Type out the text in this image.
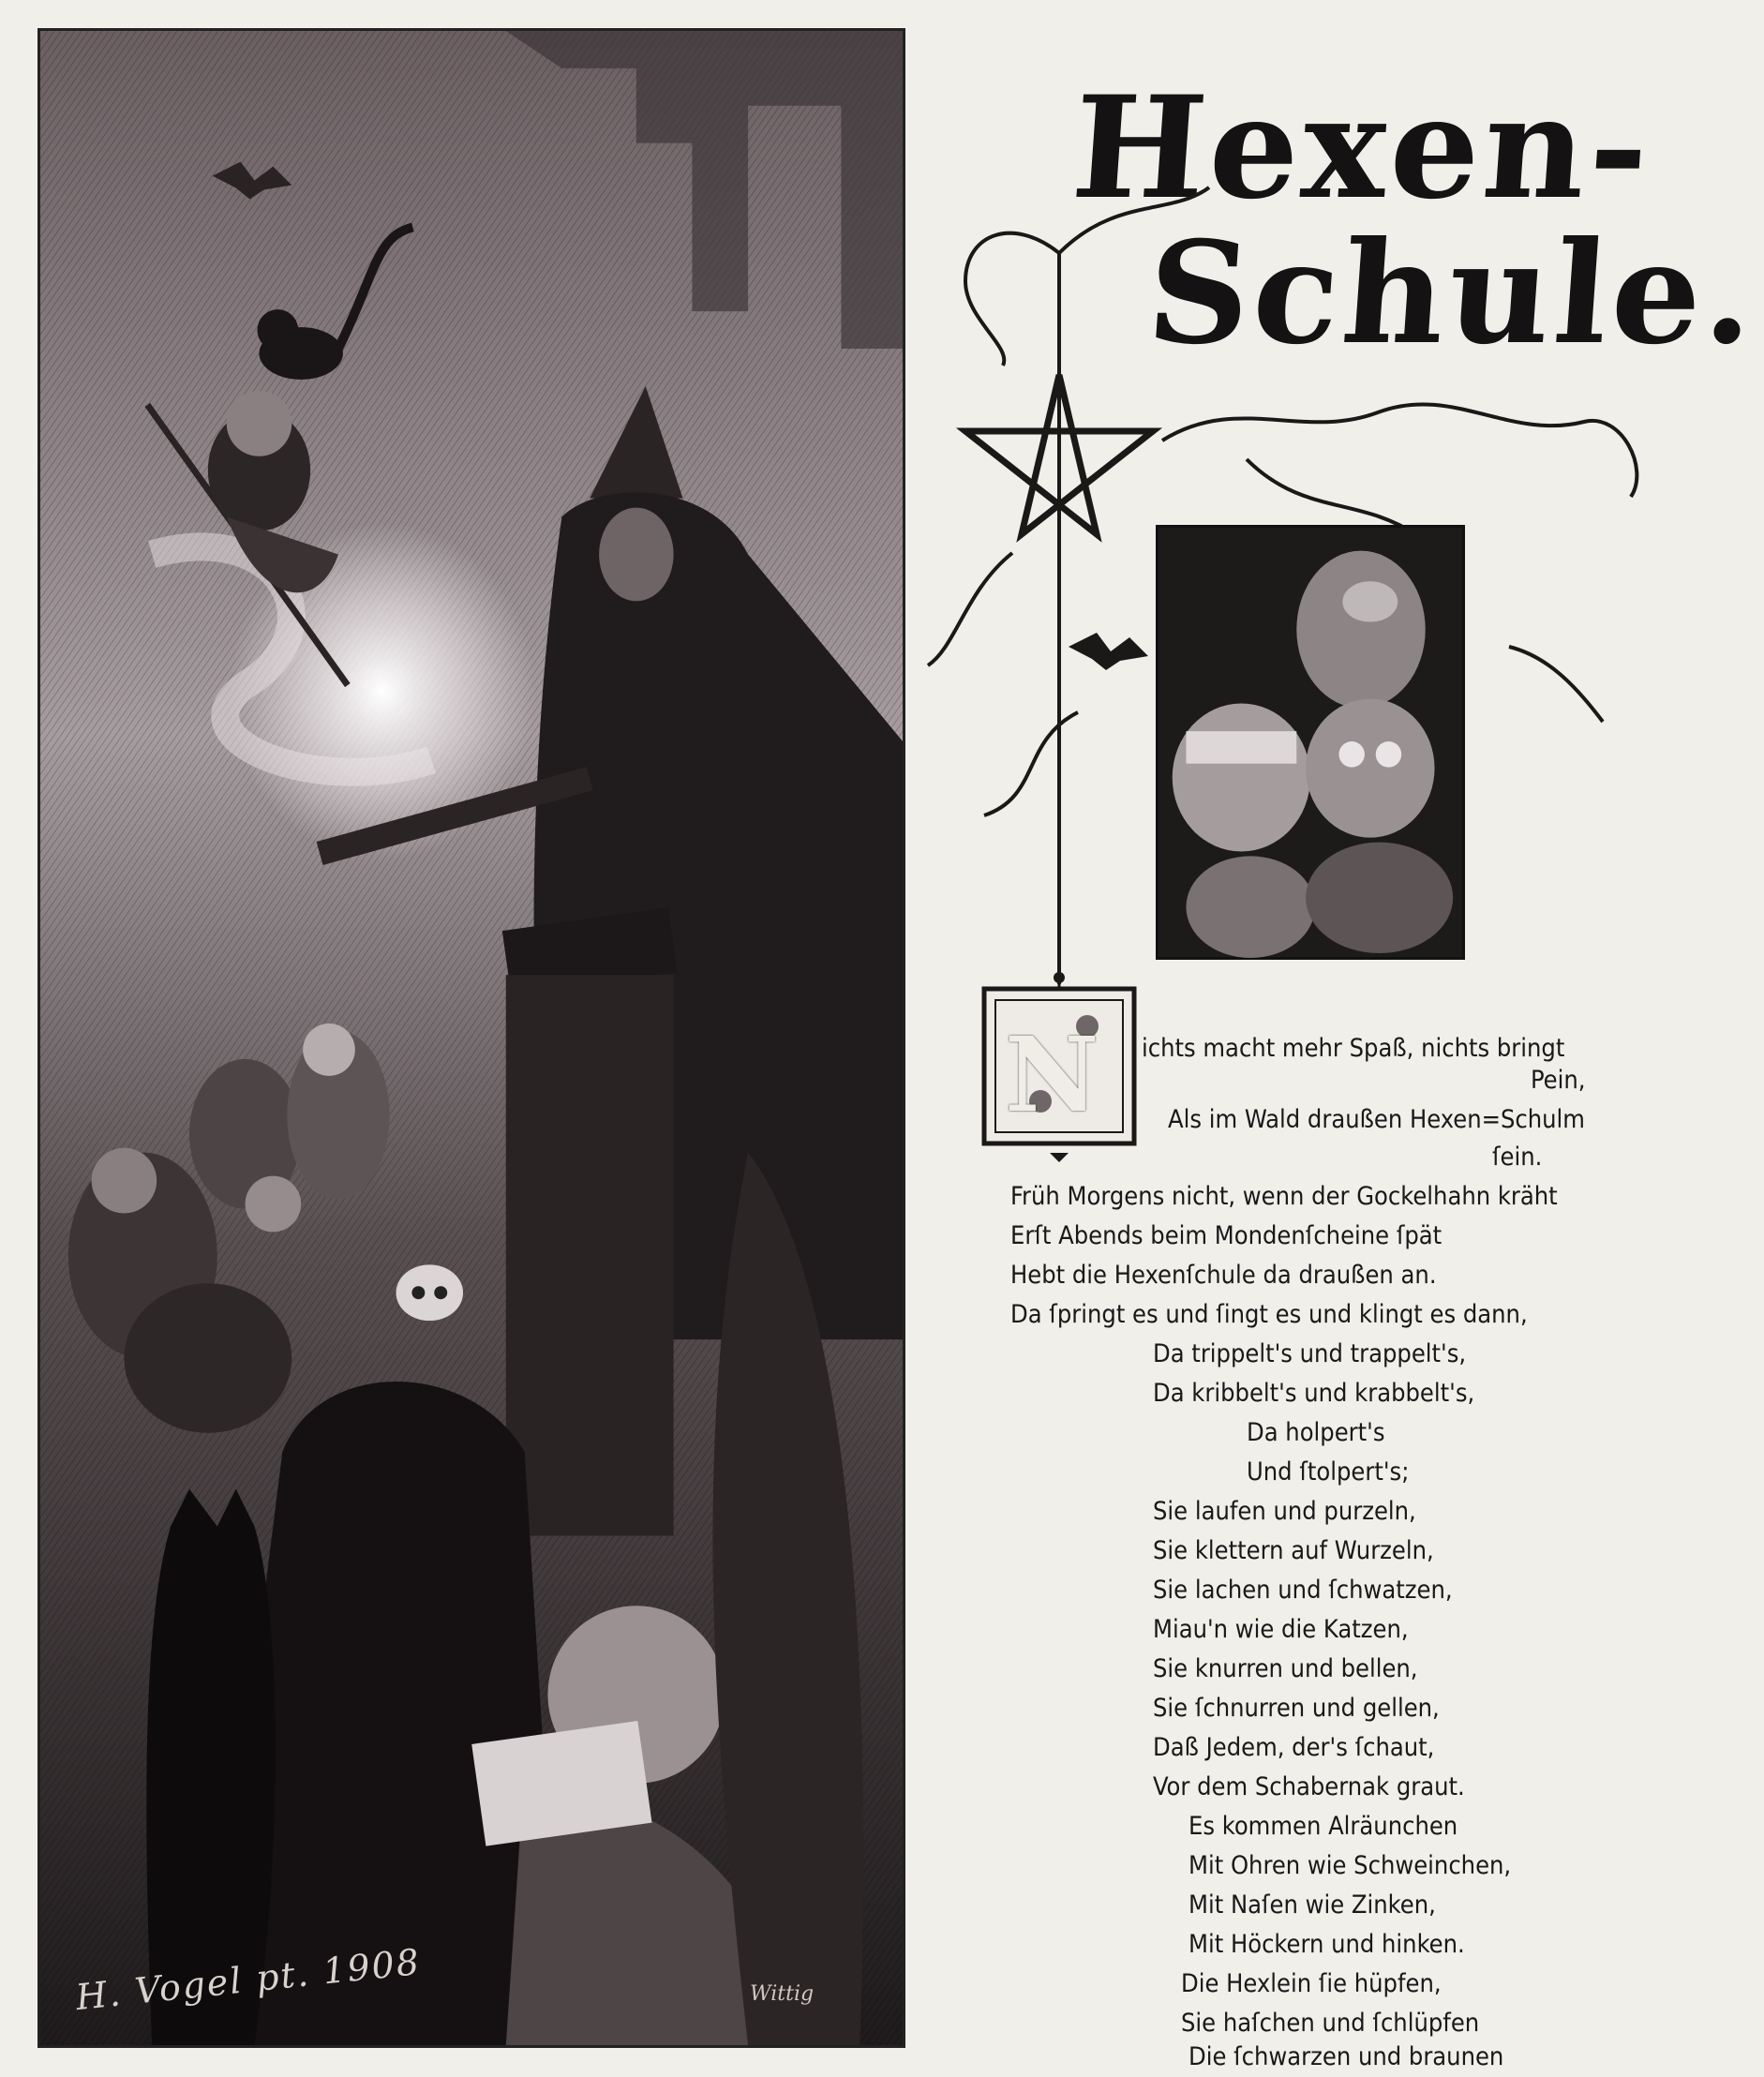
H. Vogel pt. 1908	Wittig
Hexen-
Schule.
N ichts macht mehr Spaß, nichts bringt
Pein,
Als im Wald draußen Hexen=Schulm
ſein.
Früh Morgens nicht, wenn der Gockelhahn kräht
Erſt Abends beim Mondenſcheine ſpät
Hebt die Hexenſchule da draußen an.
Da ſpringt es und ſingt es und klingt es dann,
Da trippelt's und trappelt's,
Da kribbelt's und krabbelt's,
Da holpert's
Und ſtolpert's;
Sie laufen und purzeln,
Sie klettern auf Wurzeln,
Sie lachen und ſchwatzen,
Miau'n wie die Katzen,
Sie knurren und bellen,
Sie ſchnurren und gellen,
Daß Jedem, der's ſchaut,
Vor dem Schabernak graut.
Es kommen Alräunchen
Mit Ohren wie Schweinchen,
Mit Naſen wie Zinken,
Mit Höckern und hinken.
Die Hexlein ſie hüpfen,
Sie haſchen und ſchlüpfen
Die ſchwarzen und braunen
